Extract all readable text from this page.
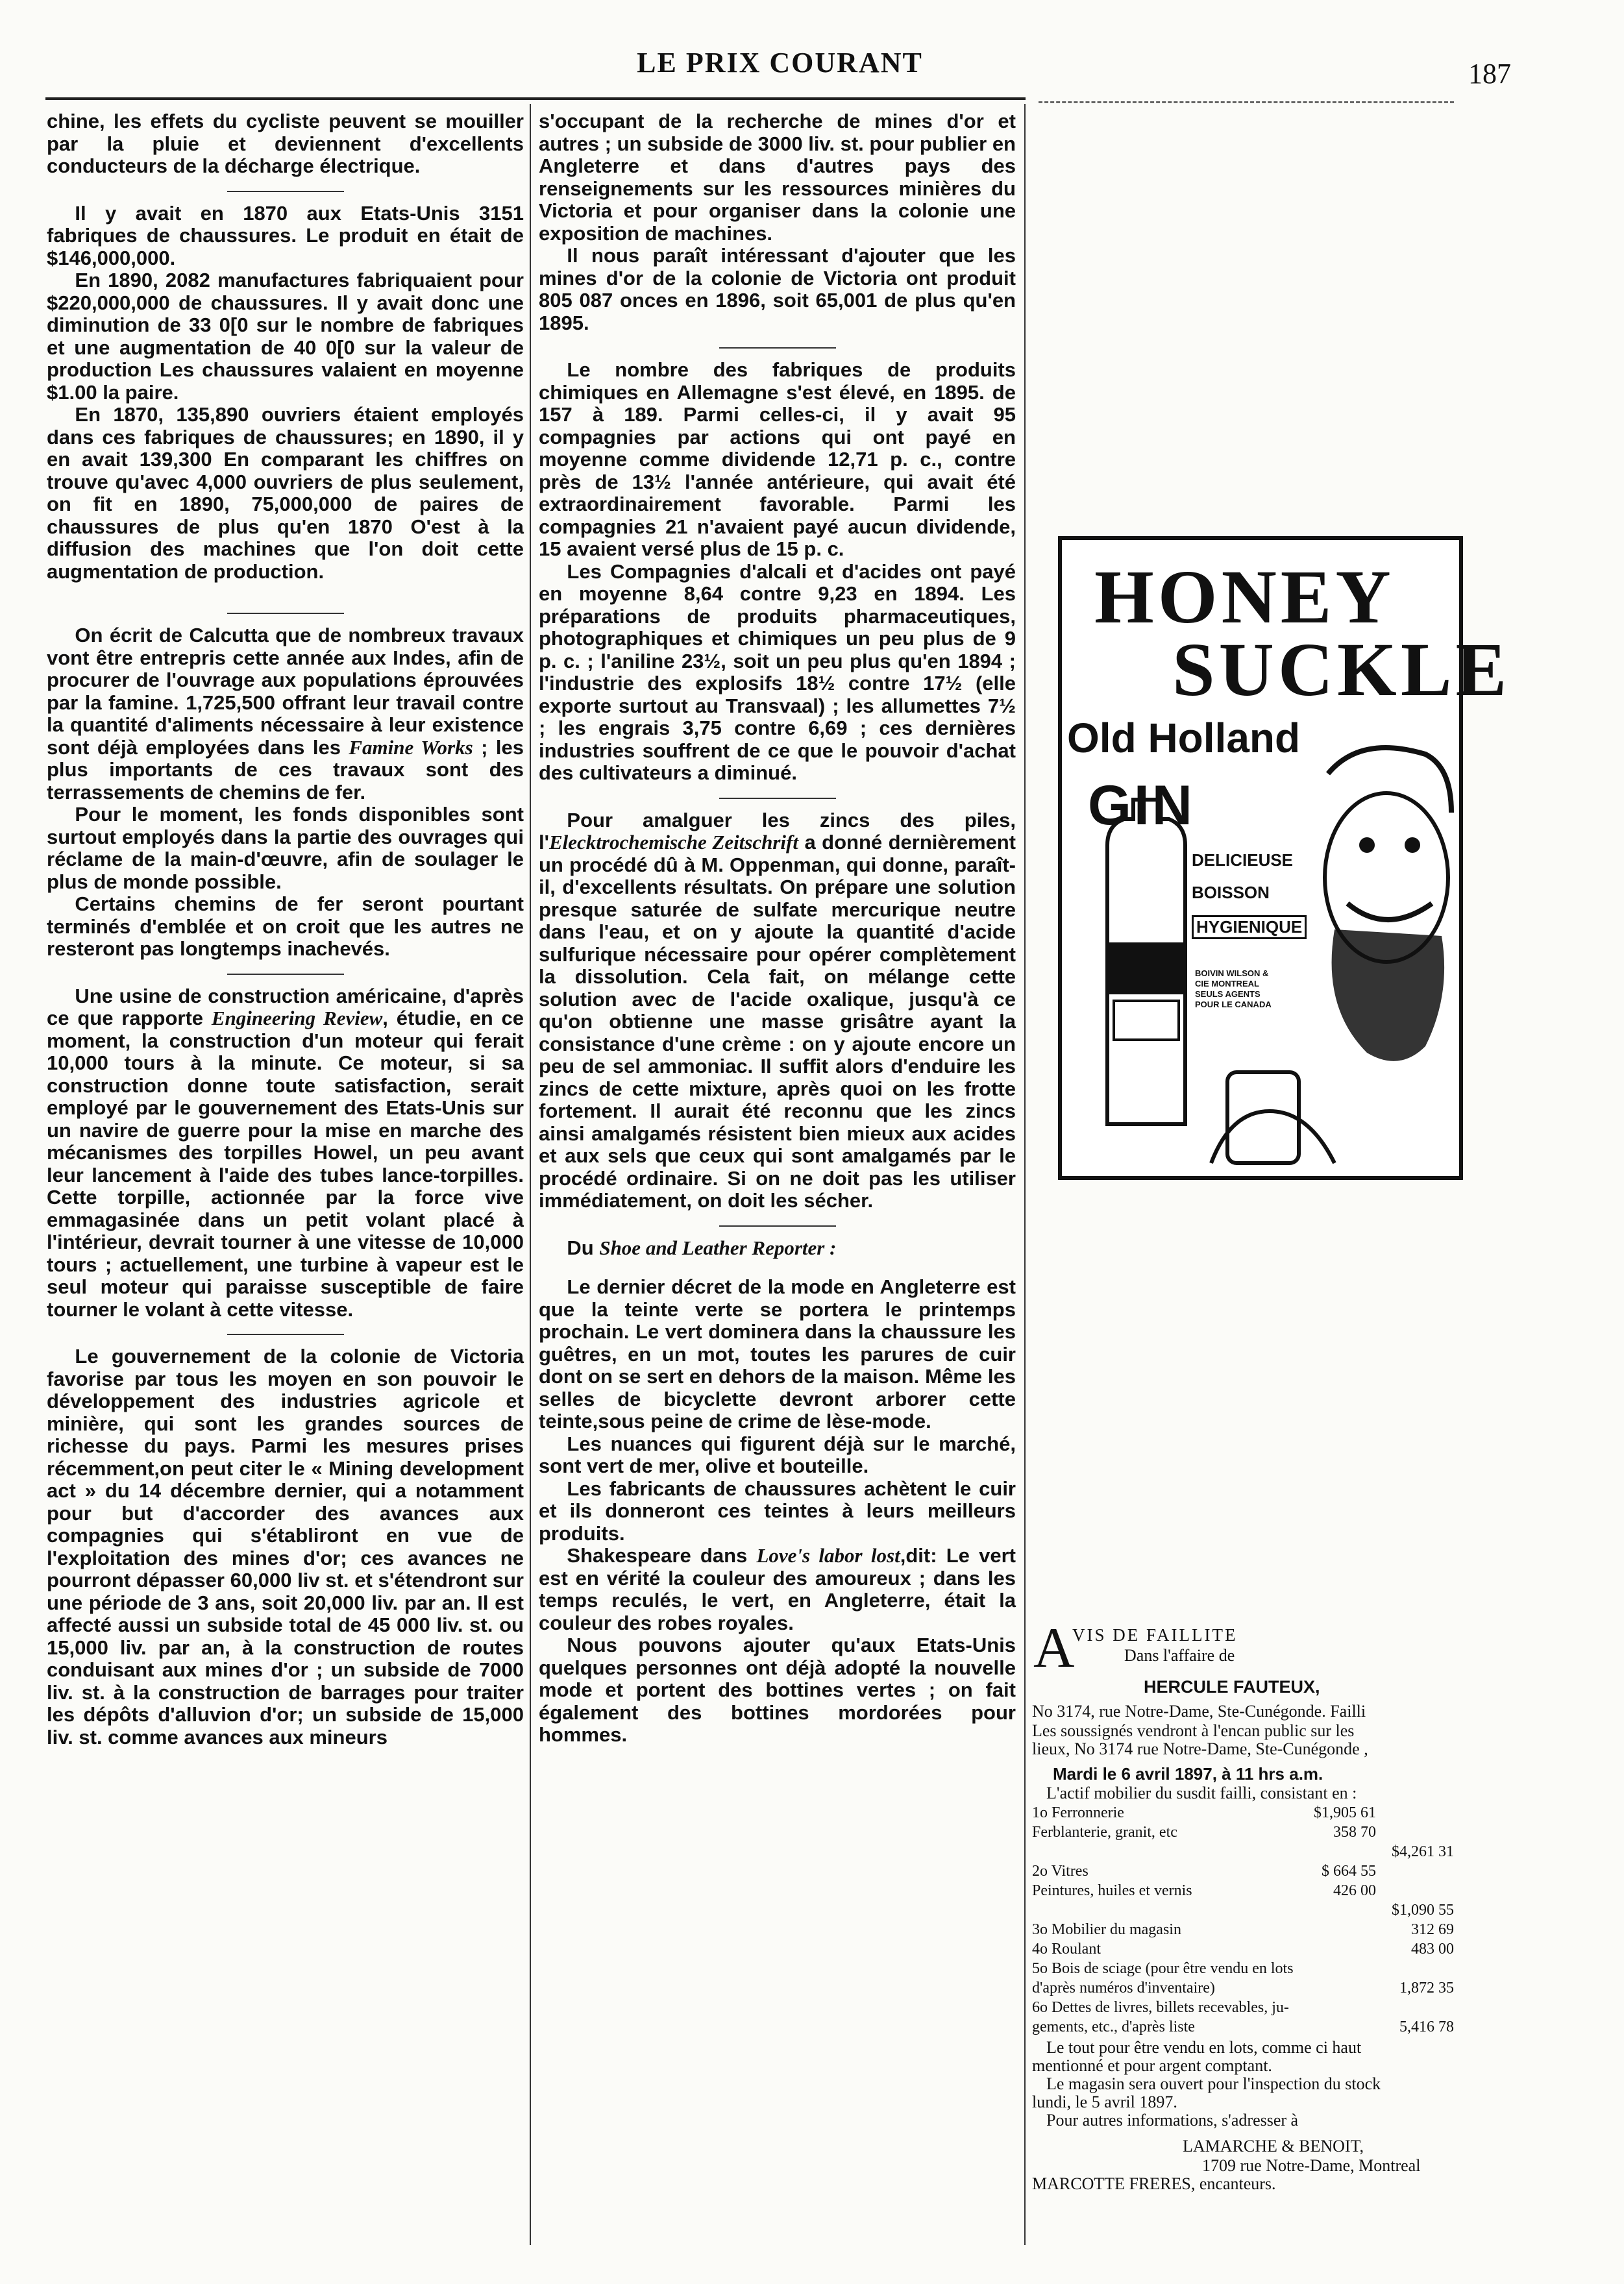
LE PRIX COURANT	187

chine, les effets du cycliste peuvent se mouiller par la pluie et deviennent d'excellents conducteurs de la décharge électrique.

Il y avait en 1870 aux Etats-Unis 3151 fabriques de chaussures. Le produit en était de $146,000,000.

En 1890, 2082 manufactures fabriquaient pour $220,000,000 de chaussures. Il y avait donc une diminution de 33 0[0 sur le nombre de fabriques et une augmentation de 40 0[0 sur la valeur de production Les chaussures valaient en moyenne $1.00 la paire.

En 1870, 135,890 ouvriers étaient employés dans ces fabriques de chaussures; en 1890, il y en avait 139,300 En comparant les chiffres on trouve qu'avec 4,000 ouvriers de plus seulement, on fit en 1890, 75,000,000 de paires de chaussures de plus qu'en 1870 O'est à la diffusion des machines que l'on doit cette augmentation de production.

On écrit de Calcutta que de nombreux travaux vont être entrepris cette année aux Indes, afin de procurer de l'ouvrage aux populations éprouvées par la famine. 1,725,500 offrant leur travail contre la quantité d'aliments nécessaire à leur existence sont déjà employées dans les Famine Works ; les plus importants de ces travaux sont des terrassements de chemins de fer.

Pour le moment, les fonds disponibles sont surtout employés dans la partie des ouvrages qui réclame de la main-d'œuvre, afin de soulager le plus de monde possible.

Certains chemins de fer seront pourtant terminés d'emblée et on croit que les autres ne resteront pas longtemps inachevés.

Une usine de construction américaine, d'après ce que rapporte Engineering Review, étudie, en ce moment, la construction d'un moteur qui ferait 10,000 tours à la minute. Ce moteur, si sa construction donne toute satisfaction, serait employé par le gouvernement des Etats-Unis sur un navire de guerre pour la mise en marche des mécanismes des torpilles Howel, un peu avant leur lancement à l'aide des tubes lance-torpilles. Cette torpille, actionnée par la force vive emmagasinée dans un petit volant placé à l'intérieur, devrait tourner à une vitesse de 10,000 tours ; actuellement, une turbine à vapeur est le seul moteur qui paraisse susceptible de faire tourner le volant à cette vitesse.

Le gouvernement de la colonie de Victoria favorise par tous les moyen en son pouvoir le développement des industries agricole et minière, qui sont les grandes sources de richesse du pays. Parmi les mesures prises récemment,on peut citer le « Mining development act » du 14 décembre dernier, qui a notamment pour but d'accorder des avances aux compagnies qui s'établiront en vue de l'exploitation des mines d'or; ces avances ne pourront dépasser 60,000 liv st. et s'étendront sur une période de 3 ans, soit 20,000 liv. par an. Il est affecté aussi un subside total de 45 000 liv. st. ou 15,000 liv. par an, à la construction de routes conduisant aux mines d'or ; un subside de 7000 liv. st. à la construction de barrages pour traiter les dépôts d'alluvion d'or; un subside de 15,000 liv. st. comme avances aux mineurs

s'occupant de la recherche de mines d'or et autres ; un subside de 3000 liv. st. pour publier en Angleterre et dans d'autres pays des renseignements sur les ressources minières du Victoria et pour organiser dans la colonie une exposition de machines.

Il nous paraît intéressant d'ajouter que les mines d'or de la colonie de Victoria ont produit 805 087 onces en 1896, soit 65,001 de plus qu'en 1895.

Le nombre des fabriques de produits chimiques en Allemagne s'est élevé, en 1895. de 157 à 189. Parmi celles-ci, il y avait 95 compagnies par actions qui ont payé en moyenne comme dividende 12,71 p. c., contre près de 13½ l'année antérieure, qui avait été extraordinairement favorable. Parmi les compagnies 21 n'avaient payé aucun dividende, 15 avaient versé plus de 15 p. c.

Les Compagnies d'alcali et d'acides ont payé en moyenne 8,64 contre 9,23 en 1894. Les préparations de produits pharmaceutiques, photographiques et chimiques un peu plus de 9 p. c. ; l'aniline 23½, soit un peu plus qu'en 1894 ; l'industrie des explosifs 18½ contre 17½ (elle exporte surtout au Transvaal) ; les allumettes 7½ ; les engrais 3,75 contre 6,69 ; ces dernières industries souffrent de ce que le pouvoir d'achat des cultivateurs a diminué.

Pour amalguer les zincs des piles, l'Elecktrochemische Zeitschrift a donné dernièrement un procédé dû à M. Oppenman, qui donne, paraît-il, d'excellents résultats. On prépare une solution presque saturée de sulfate mercurique neutre dans l'eau, et on y ajoute la quantité d'acide sulfurique nécessaire pour opérer complètement la dissolution. Cela fait, on mélange cette solution avec de l'acide oxalique, jusqu'à ce qu'on obtienne une masse grisâtre ayant la consistance d'une crème : on y ajoute encore un peu de sel ammoniac. Il suffit alors d'enduire les zincs de cette mixture, après quoi on les frotte fortement. Il aurait été reconnu que les zincs ainsi amalgamés résistent bien mieux aux acides et aux sels que ceux qui sont amalgamés par le procédé ordinaire. Si on ne doit pas les utiliser immédiatement, on doit les sécher.

Du Shoe and Leather Reporter :

Le dernier décret de la mode en Angleterre est que la teinte verte se portera le printemps prochain. Le vert dominera dans la chaussure les guêtres, en un mot, toutes les parures de cuir dont on se sert en dehors de la maison. Même les selles de bicyclette devront arborer cette teinte,sous peine de crime de lèse-mode.

Les nuances qui figurent déjà sur le marché, sont vert de mer, olive et bouteille.

Les fabricants de chaussures achètent le cuir et ils donneront ces teintes à leurs meilleurs produits.

Shakespeare dans Love's labor lost,dit: Le vert est en vérité la couleur des amoureux ; dans les temps reculés, le vert, en Angleterre, était la couleur des robes royales.

Nous pouvons ajouter qu'aux Etats-Unis quelques personnes ont déjà adopté la nouvelle mode et portent des bottines vertes ; on fait également des bottines mordorées pour hommes.

HONEY
SUCKLE
Old Holland
GIN
DELICIEUSE
BOISSON
HYGIENIQUE
BOIVIN WILSON & CIE MONTREAL SEULS AGENTS POUR LE CANADA
A
VIS DE FAILLITE
Dans l'affaire de
HERCULE FAUTEUX,
No 3174, rue Notre-Dame, Ste-Cunégonde. Failli
Les soussignés vendront à l'encan public sur les
lieux, No 3174 rue Notre-Dame, Ste-Cunégonde ,
Mardi le 6 avril 1897, à 11 hrs a.m.
L'actif mobilier du susdit failli, consistant en :
1o Ferronnerie	$1,905 61	
Ferblanterie, granit, etc	358 70	
		$4,261 31
2o Vitres	$ 664 55	
Peintures, huiles et vernis	426 00	
		$1,090 55
3o Mobilier du magasin		312 69
4o Roulant		483 00
5o Bois de sciage (pour être vendu en lots		
d'après numéros d'inventaire)		1,872 35
6o Dettes de livres, billets recevables, ju-		
gements, etc., d'après liste		5,416 78
Le tout pour être vendu en lots, comme ci haut
mentionné et pour argent comptant.
Le magasin sera ouvert pour l'inspection du stock
lundi, le 5 avril 1897.
Pour autres informations, s'adresser à
LAMARCHE & BENOIT,
1709 rue Notre-Dame, Montreal
MARCOTTE FRERES, encanteurs.
